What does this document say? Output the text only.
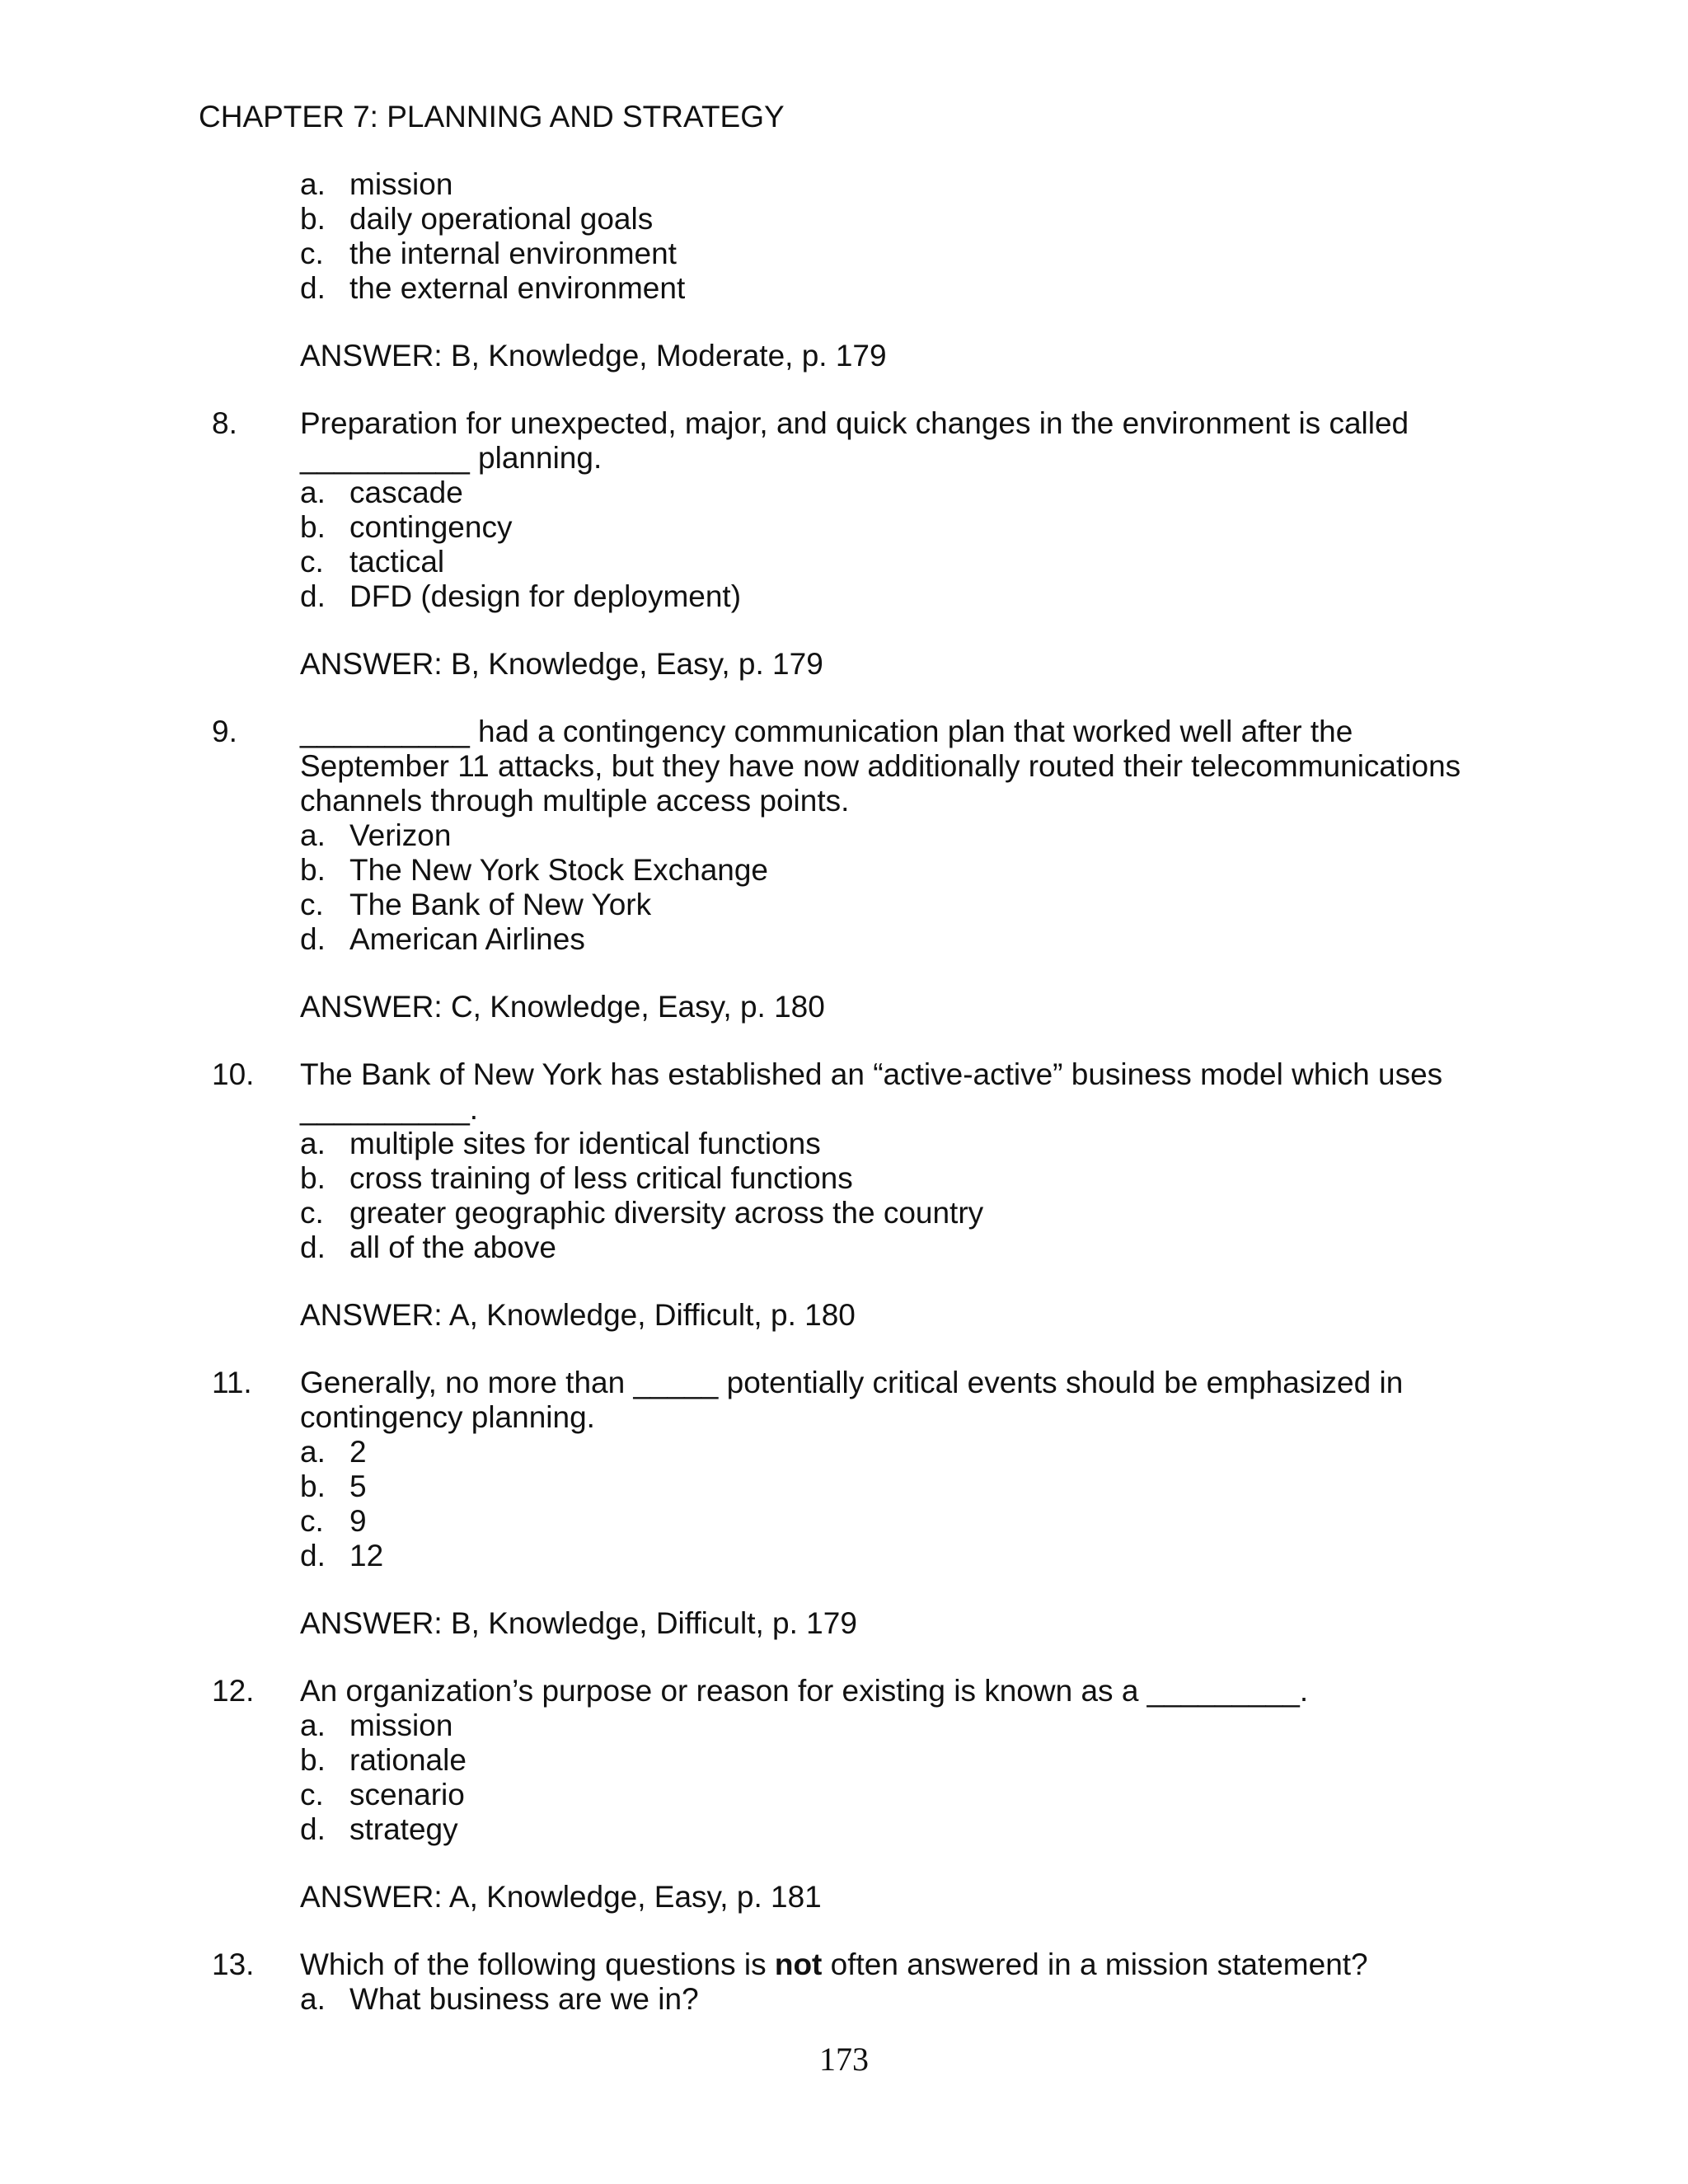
CHAPTER 7: PLANNING AND STRATEGY
a. mission
b. daily operational goals
c. the internal environment
d. the external environment
ANSWER: B, Knowledge, Moderate, p. 179
8. Preparation for unexpected, major, and quick changes in the environment is called __________ planning.
a. cascade
b. contingency
c. tactical
d. DFD (design for deployment)
ANSWER: B, Knowledge, Easy, p. 179
9. __________ had a contingency communication plan that worked well after the September 11 attacks, but they have now additionally routed their telecommunications channels through multiple access points.
a. Verizon
b. The New York Stock Exchange
c. The Bank of New York
d. American Airlines
ANSWER: C, Knowledge, Easy, p. 180
10. The Bank of New York has established an “active-active” business model which uses __________.
a. multiple sites for identical functions
b. cross training of less critical functions
c. greater geographic diversity across the country
d. all of the above
ANSWER: A, Knowledge, Difficult, p. 180
11. Generally, no more than _____ potentially critical events should be emphasized in contingency planning.
a. 2
b. 5
c. 9
d. 12
ANSWER: B, Knowledge, Difficult, p. 179
12. An organization’s purpose or reason for existing is known as a _________.
a. mission
b. rationale
c. scenario
d. strategy
ANSWER: A, Knowledge, Easy, p. 181
13. Which of the following questions is not often answered in a mission statement?
a. What business are we in?
173
